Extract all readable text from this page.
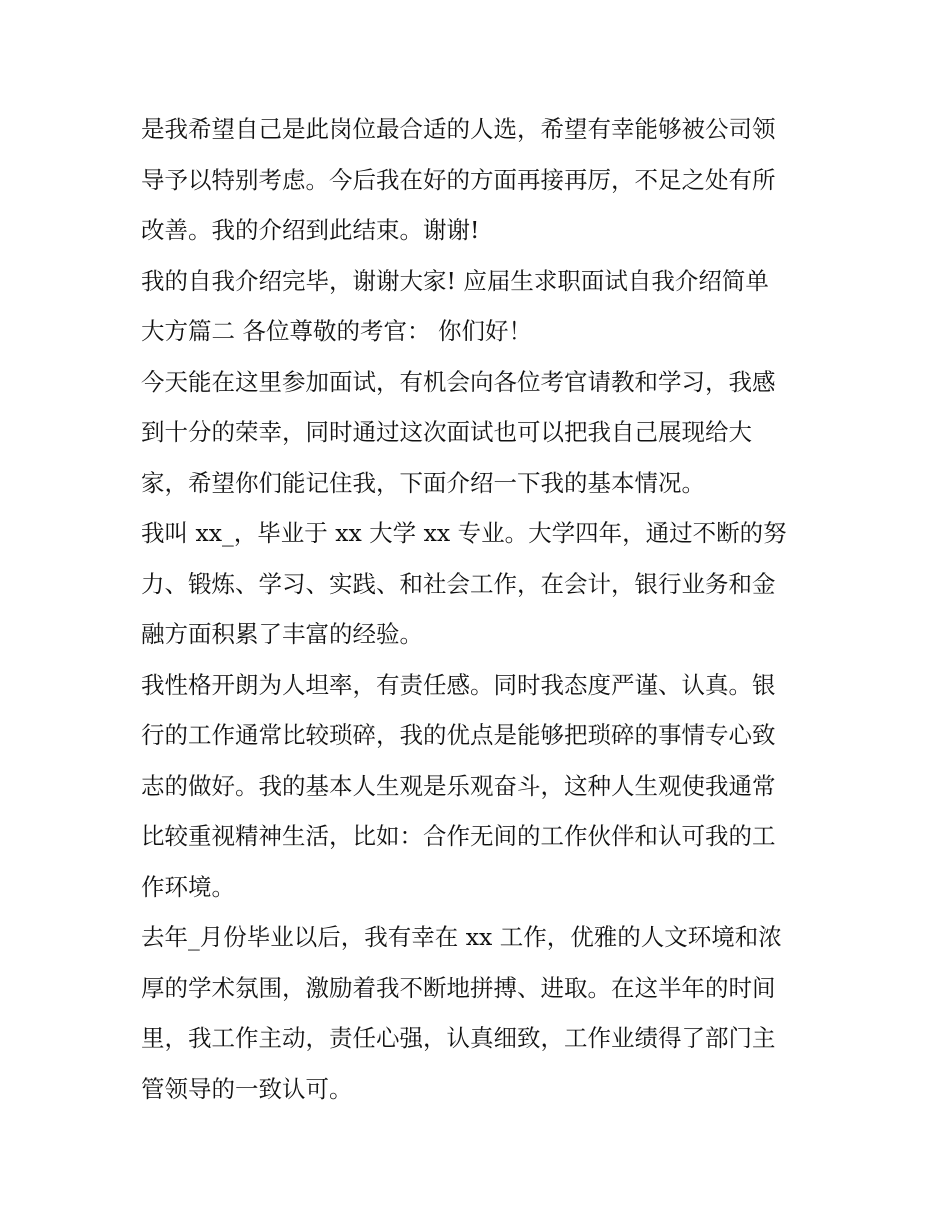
是我希望自己是此岗位最合适的人选，希望有幸能够被公司领
导予以特别考虑。今后我在好的方面再接再厉，不足之处有所
改善。我的介绍到此结束。谢谢!

我的自我介绍完毕，谢谢大家! 应届生求职面试自我介绍简单
大方篇二 各位尊敬的考官： 你们好！

今天能在这里参加面试，有机会向各位考官请教和学习，我感
到十分的荣幸，同时通过这次面试也可以把我自己展现给大
家，希望你们能记住我，下面介绍一下我的基本情况。

我叫 xx_，毕业于 xx 大学 xx 专业。大学四年，通过不断的努
力、锻炼、学习、实践、和社会工作，在会计，银行业务和金
融方面积累了丰富的经验。

我性格开朗为人坦率，有责任感。同时我态度严谨、认真。银
行的工作通常比较琐碎，我的优点是能够把琐碎的事情专心致
志的做好。我的基本人生观是乐观奋斗，这种人生观使我通常
比较重视精神生活，比如：合作无间的工作伙伴和认可我的工
作环境。

去年_月份毕业以后，我有幸在 xx 工作，优雅的人文环境和浓
厚的学术氛围，激励着我不断地拼搏、进取。在这半年的时间
里，我工作主动，责任心强，认真细致，工作业绩得了部门主
管领导的一致认可。
